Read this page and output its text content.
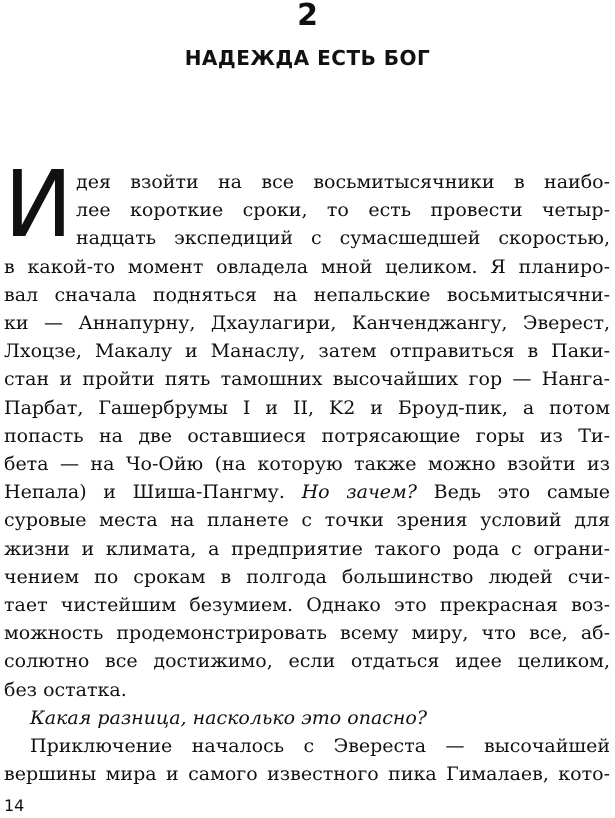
2
НАДЕЖДА ЕСТЬ БОГ
И дея взойти на все восьмитысячники в наибо-
лее короткие сроки, то есть провести четыр-
надцать экспедиций с сумасшедшей скоростью,
в какой-то момент овладела мной целиком. Я планиро-
вал сначала подняться на непальские восьмитысячни-
ки — Аннапурну, Дхаулагири, Канченджангу, Эверест,
Лхоцзе, Макалу и Манаслу, затем отправиться в Паки-
стан и пройти пять тамошних высочайших гор — Нанга-
Парбат, Гашербрумы I и II, K2 и Броуд-пик, а потом
попасть на две оставшиеся потрясающие горы из Ти-
бета — на Чо-Ойю (на которую также можно взойти из
Непала) и Шиша-Пангму. Но зачем? Ведь это самые
суровые места на планете с точки зрения условий для
жизни и климата, а предприятие такого рода с ограни-
чением по срокам в полгода большинство людей счи-
тает чистейшим безумием. Однако это прекрасная воз-
можность продемонстрировать всему миру, что все, аб-
солютно все достижимо, если отдаться идее целиком,
без остатка.
Какая разница, насколько это опасно?
14
Приключение началось с Эвереста — высочайшей
вершины мира и самого известного пика Гималаев, кото-
